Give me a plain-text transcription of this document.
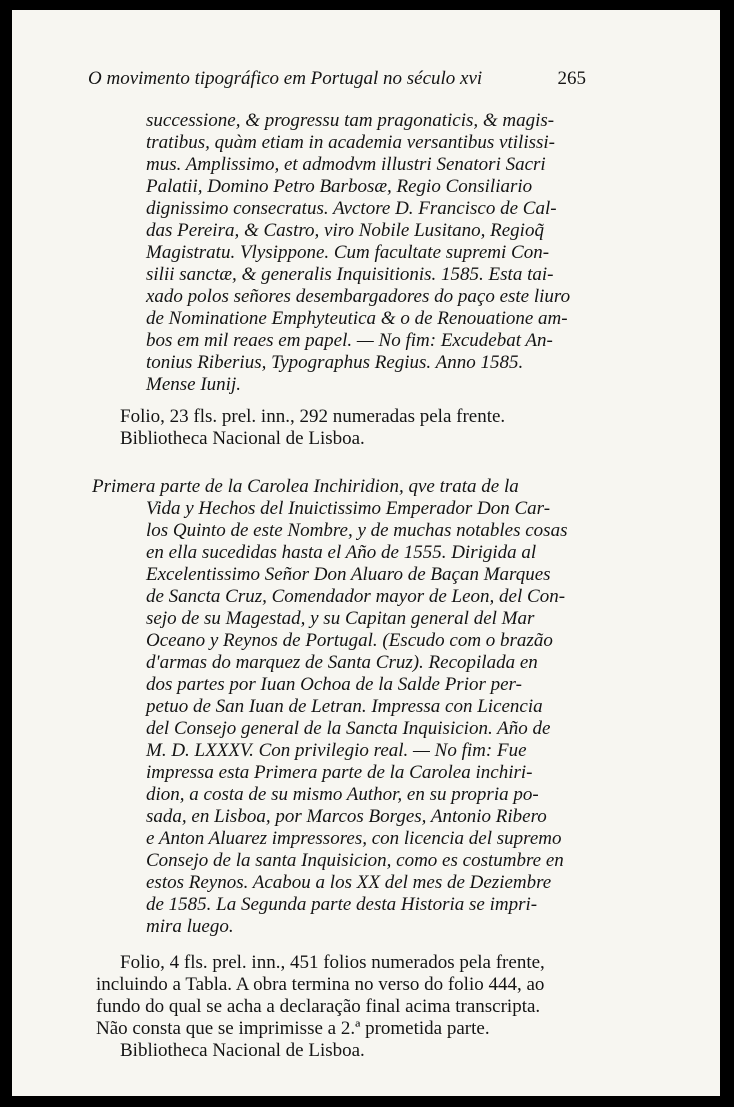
O movimento tipográfico em Portugal no século xvi	265
successione, & progressu tam pragonaticis, & magis-
tratibus, quàm etiam in academia versantibus vtilissi-
mus. Amplissimo, et admodvm illustri Senatori Sacri
Palatii, Domino Petro Barbosæ, Regio Consiliario
dignissimo consecratus. Avctore D. Francisco de Cal-
das Pereira, & Castro, viro Nobile Lusitano, Regioq̃
Magistratu. Vlysippone. Cum facultate supremi Con-
silii sanctæ, & generalis Inquisitionis. 1585. Esta tai-
xado polos señores desembargadores do paço este liuro
de Nominatione Emphyteutica & o de Renouatione am-
bos em mil reaes em papel. — No fim: Excudebat An-
tonius Riberius, Typographus Regius. Anno 1585.
Mense Iunij.
Folio, 23 fls. prel. inn., 292 numeradas pela frente.
Bibliotheca Nacional de Lisboa.
Primera parte de la Carolea Inchiridion, qve trata de la
Vida y Hechos del Inuictissimo Emperador Don Car-
los Quinto de este Nombre, y de muchas notables cosas
en ella sucedidas hasta el Año de 1555. Dirigida al
Excelentissimo Señor Don Aluaro de Baçan Marques
de Sancta Cruz, Comendador mayor de Leon, del Con-
sejo de su Magestad, y su Capitan general del Mar
Oceano y Reynos de Portugal. (Escudo com o brazão
d'armas do marquez de Santa Cruz). Recopilada en
dos partes por Iuan Ochoa de la Salde Prior per-
petuo de San Iuan de Letran. Impressa con Licencia
del Consejo general de la Sancta Inquisicion. Año de
M. D. LXXXV. Con privilegio real. — No fim: Fue
impressa esta Primera parte de la Carolea inchiri-
dion, a costa de su mismo Author, en su propria po-
sada, en Lisboa, por Marcos Borges, Antonio Ribero
e Anton Aluarez impressores, con licencia del supremo
Consejo de la santa Inquisicion, como es costumbre en
estos Reynos. Acabou a los XX del mes de Deziembre
de 1585. La Segunda parte desta Historia se impri-
mira luego.
Folio, 4 fls. prel. inn., 451 folios numerados pela frente,
incluindo a Tabla. A obra termina no verso do folio 444, ao
fundo do qual se acha a declaração final acima transcripta.
Não consta que se imprimisse a 2.ª prometida parte.
Bibliotheca Nacional de Lisboa.
